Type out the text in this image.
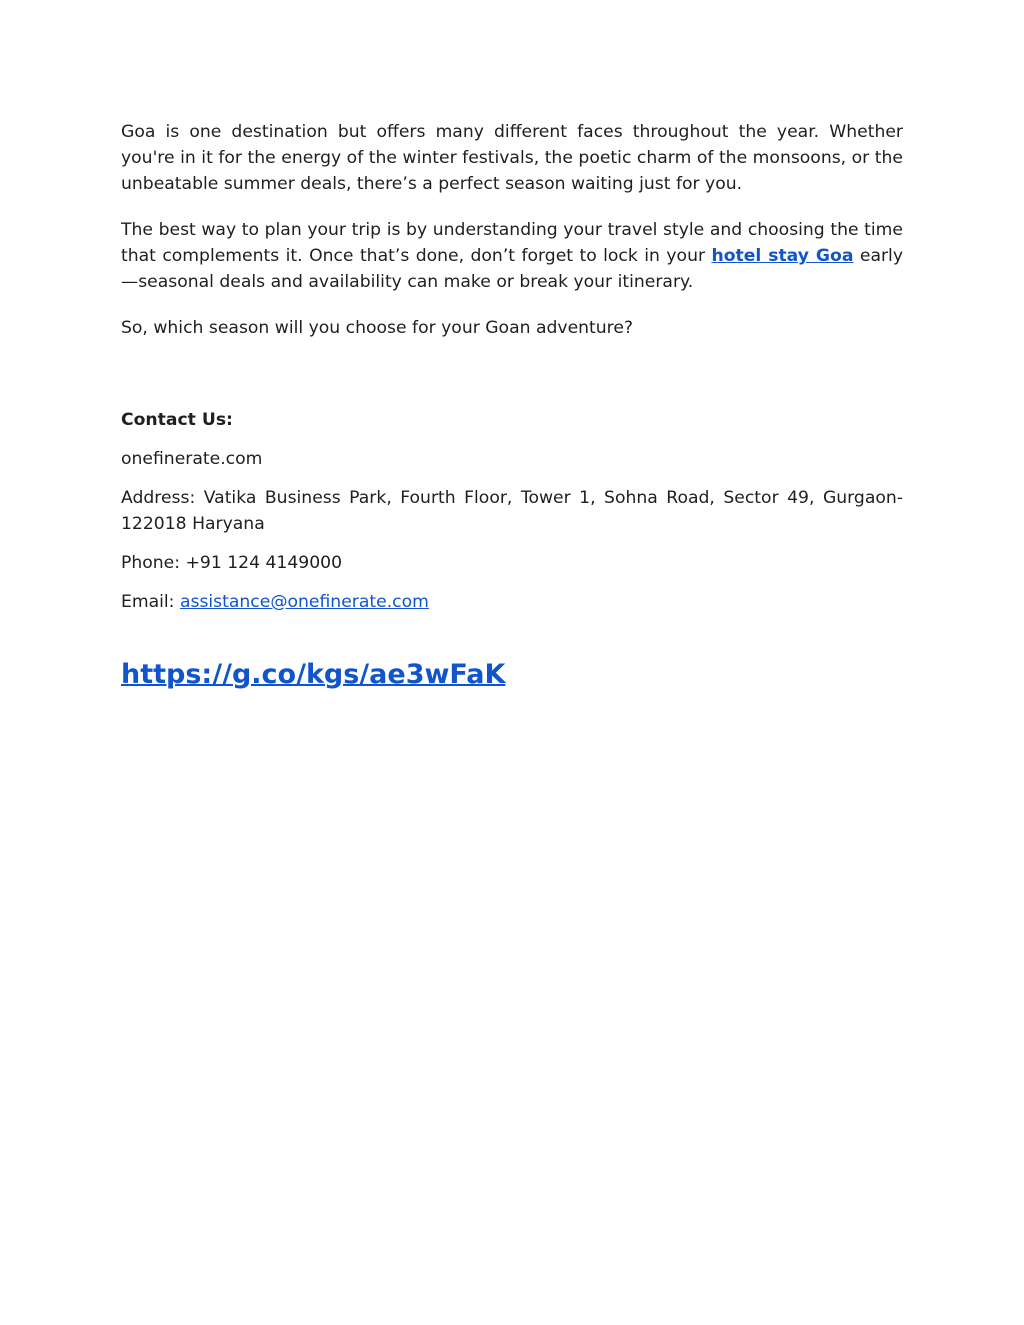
Goa is one destination but offers many different faces throughout the year. Whether you're in it for the energy of the winter festivals, the poetic charm of the monsoons, or the unbeatable summer deals, there’s a perfect season waiting just for you.

The best way to plan your trip is by understanding your travel style and choosing the time that complements it. Once that’s done, don’t forget to lock in your hotel stay Goa early—seasonal deals and availability can make or break your itinerary.

So, which season will you choose for your Goan adventure?

Contact Us:

onefinerate.com

Address: Vatika Business Park, Fourth Floor, Tower 1, Sohna Road, Sector 49, Gurgaon- 122018 Haryana

Phone: +91 124 4149000

Email: assistance@onefinerate.com

https://g.co/kgs/ae3wFaK
